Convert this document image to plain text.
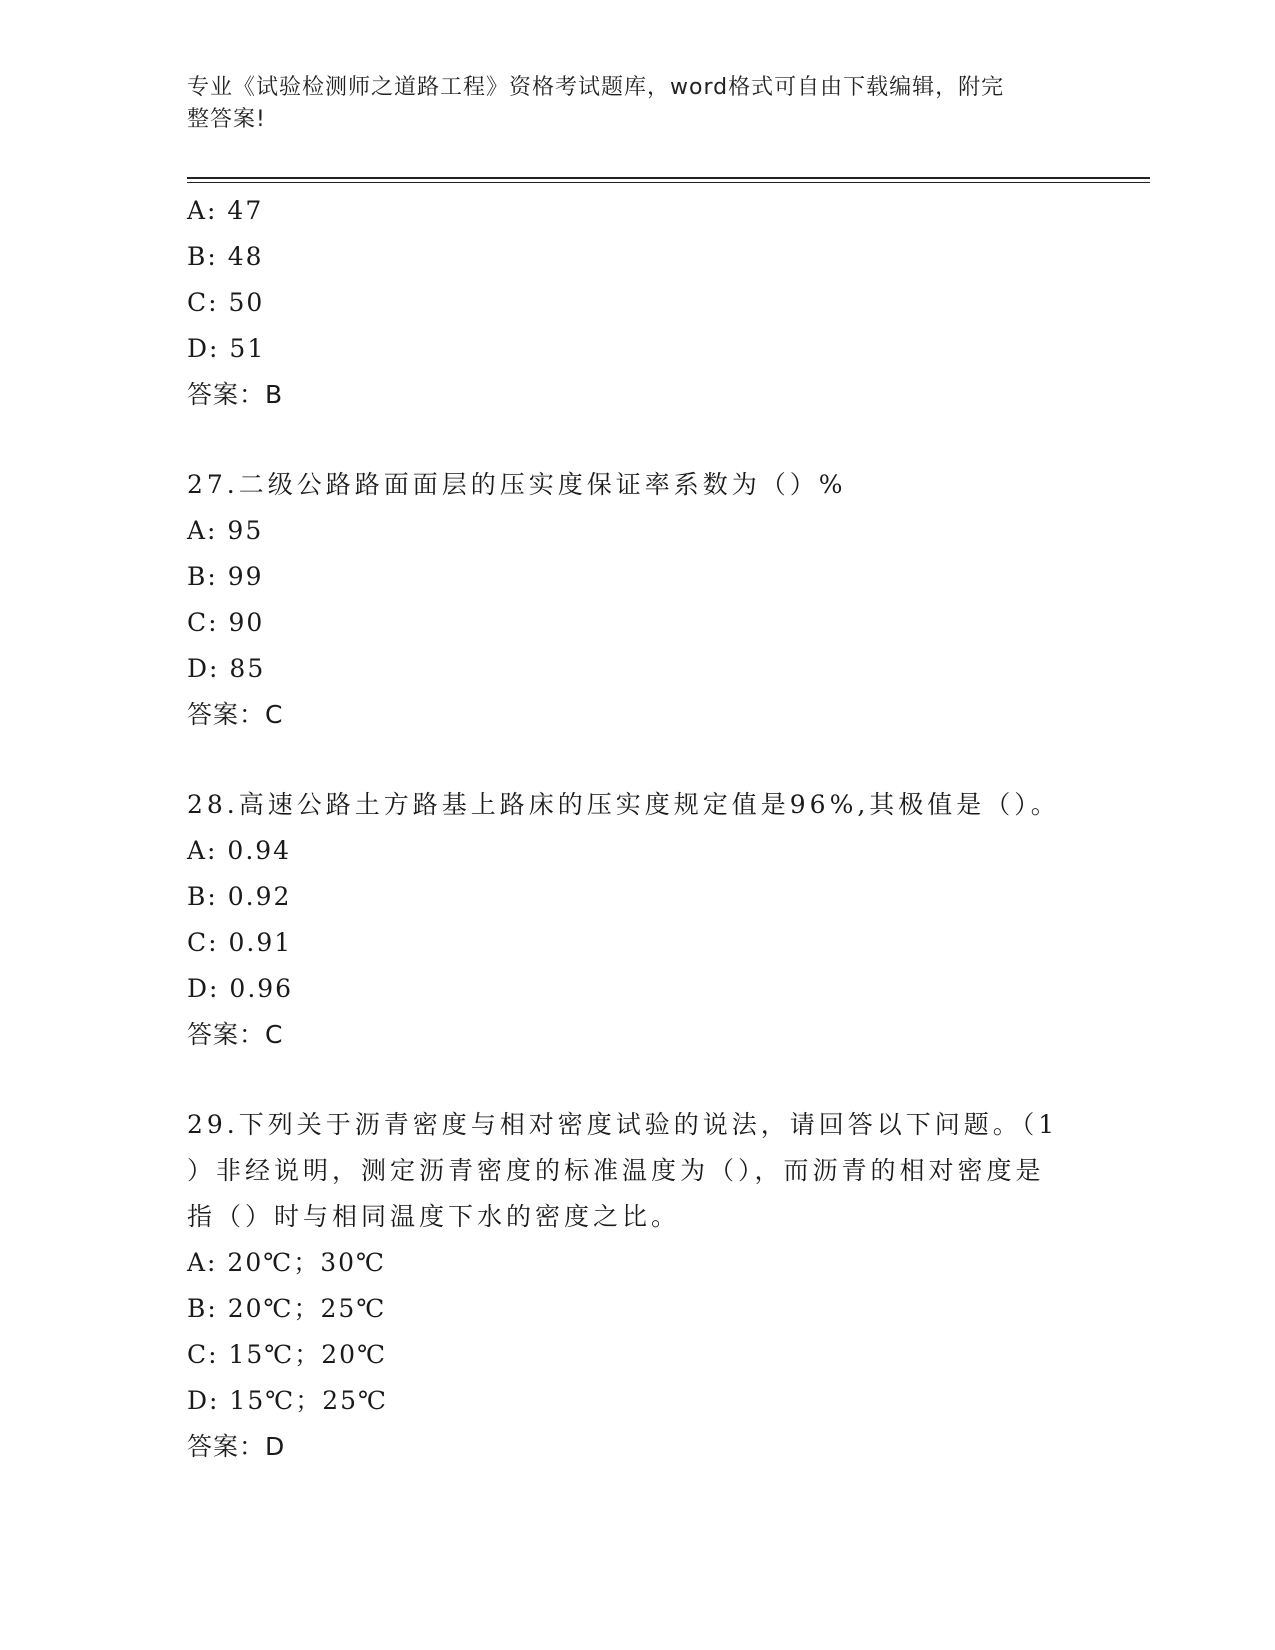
专业《试验检测师之道路工程》资格考试题库，word格式可自由下载编辑，附完
整答案!
A: 47
B: 48
C: 50
D: 51
答案：B
27.二级公路路面面层的压实度保证率系数为（）%
A: 95
B: 99
C: 90
D: 85
答案：C
28.高速公路土方路基上路床的压实度规定值是96%,其极值是（）。
A: 0.94
B: 0.92
C: 0.91
D: 0.96
答案：C
29.下列关于沥青密度与相对密度试验的说法，请回答以下问题。（1
）非经说明，测定沥青密度的标准温度为（），而沥青的相对密度是
指（）时与相同温度下水的密度之比。
A: 20℃；30℃
B: 20℃；25℃
C: 15℃；20℃
D: 15℃；25℃
答案：D
